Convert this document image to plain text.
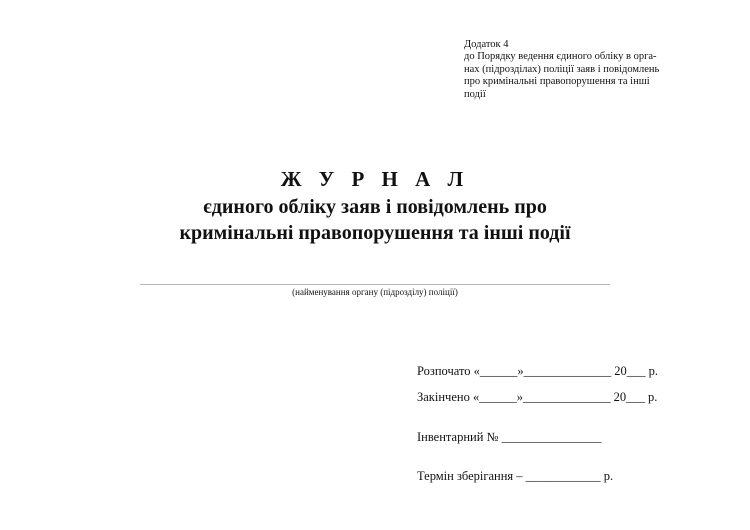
Додаток 4
до Порядку ведення єдиного обліку в орга-
нах (підрозділах) поліції заяв і повідомлень
про кримінальні правопорушення та інші
події
Ж У Р Н А Л
єдиного обліку заяв і повідомлень про
кримінальні правопорушення та інші події
(найменування органу (підрозділу) поліції)
Розпочато «______»______________ 20___ р.
Закінчено «______»______________ 20___ р.
Інвентарний № ________________
Термін зберігання – ____________ р.
